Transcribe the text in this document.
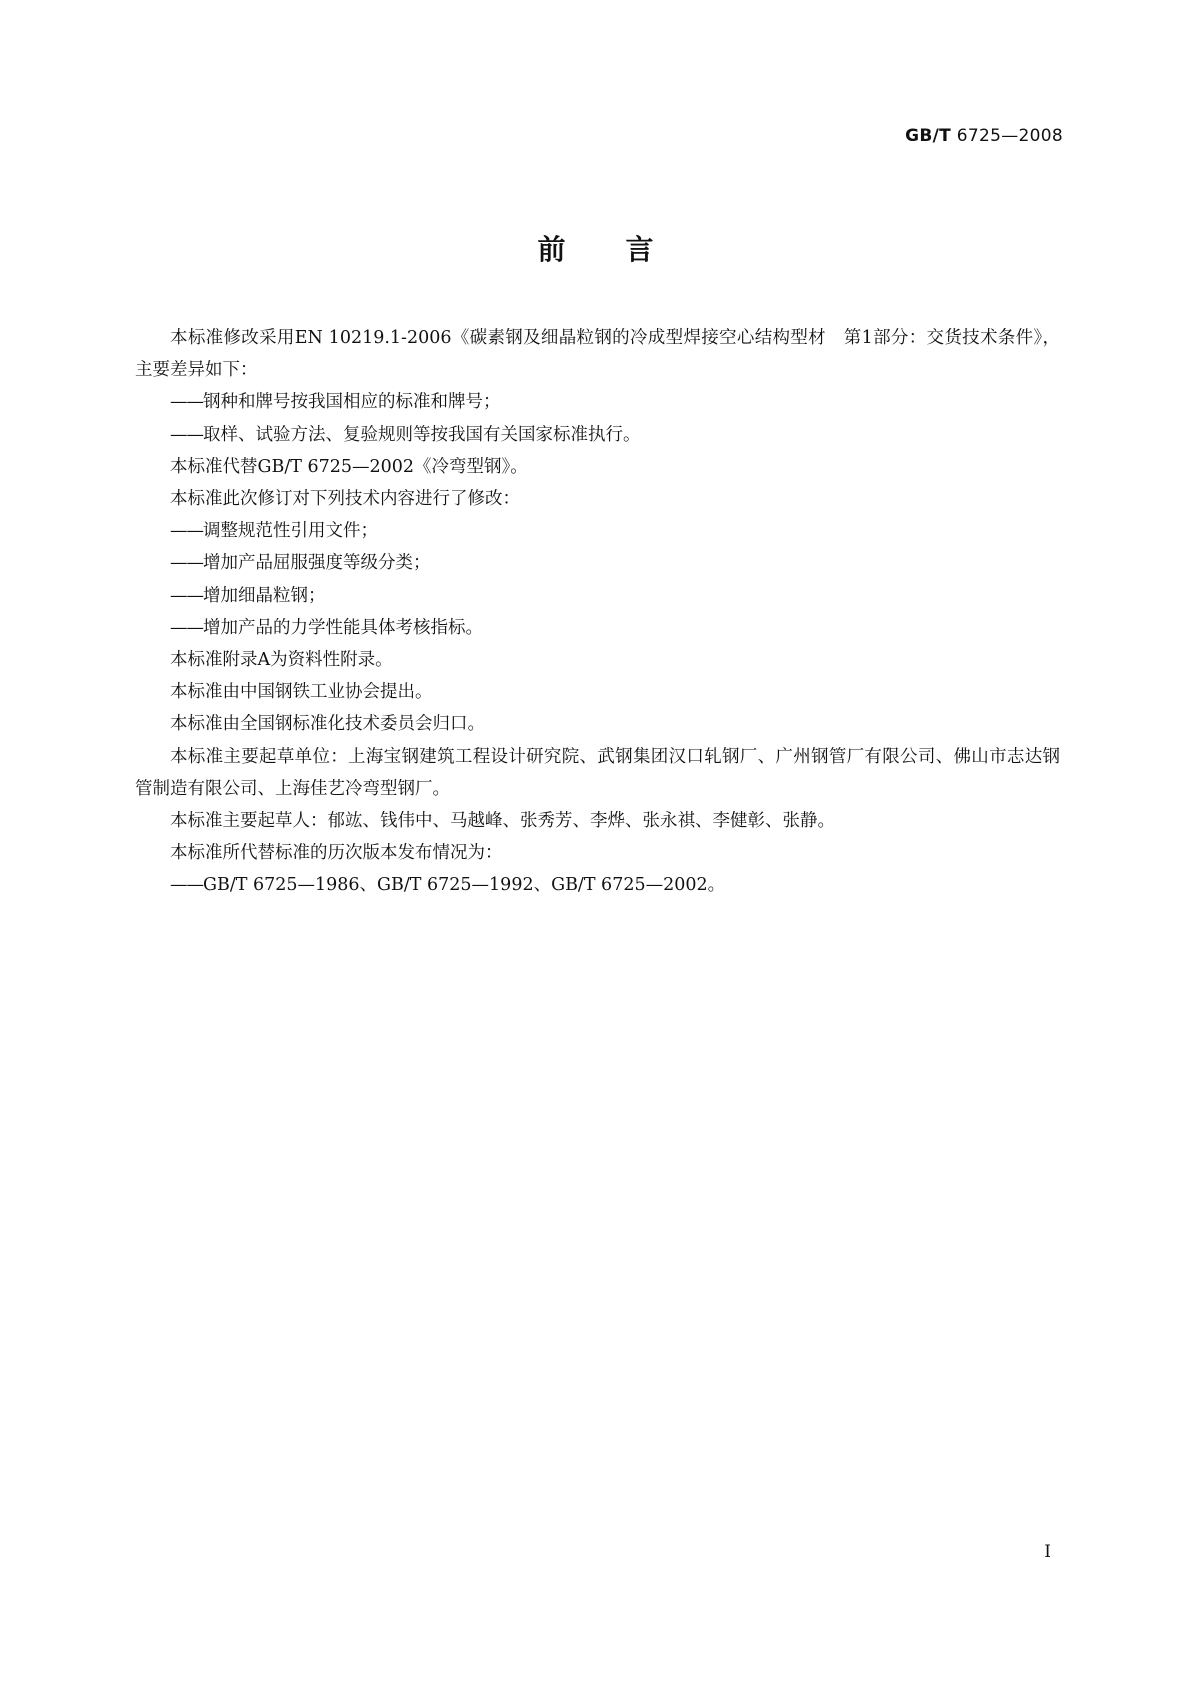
GB/T 6725—2008
前言

本标准修改采用EN 10219.1-2006《碳素钢及细晶粒钢的冷成型焊接空心结构型材　第1部分：交货技术条件》，主要差异如下：

——钢种和牌号按我国相应的标准和牌号；

——取样、试验方法、复验规则等按我国有关国家标准执行。

本标准代替GB/T 6725—2002《冷弯型钢》。

本标准此次修订对下列技术内容进行了修改：

——调整规范性引用文件；

——增加产品屈服强度等级分类；

——增加细晶粒钢；

——增加产品的力学性能具体考核指标。

本标准附录A为资料性附录。

本标准由中国钢铁工业协会提出。

本标准由全国钢标准化技术委员会归口。

本标准主要起草单位：上海宝钢建筑工程设计研究院、武钢集团汉口轧钢厂、广州钢管厂有限公司、佛山市志达钢管制造有限公司、上海佳艺冷弯型钢厂。

本标准主要起草人：郁竑、钱伟中、马越峰、张秀芳、李烨、张永祺、李健彰、张静。

本标准所代替标准的历次版本发布情况为：

——GB/T 6725—1986、GB/T 6725—1992、GB/T 6725—2002。

I
